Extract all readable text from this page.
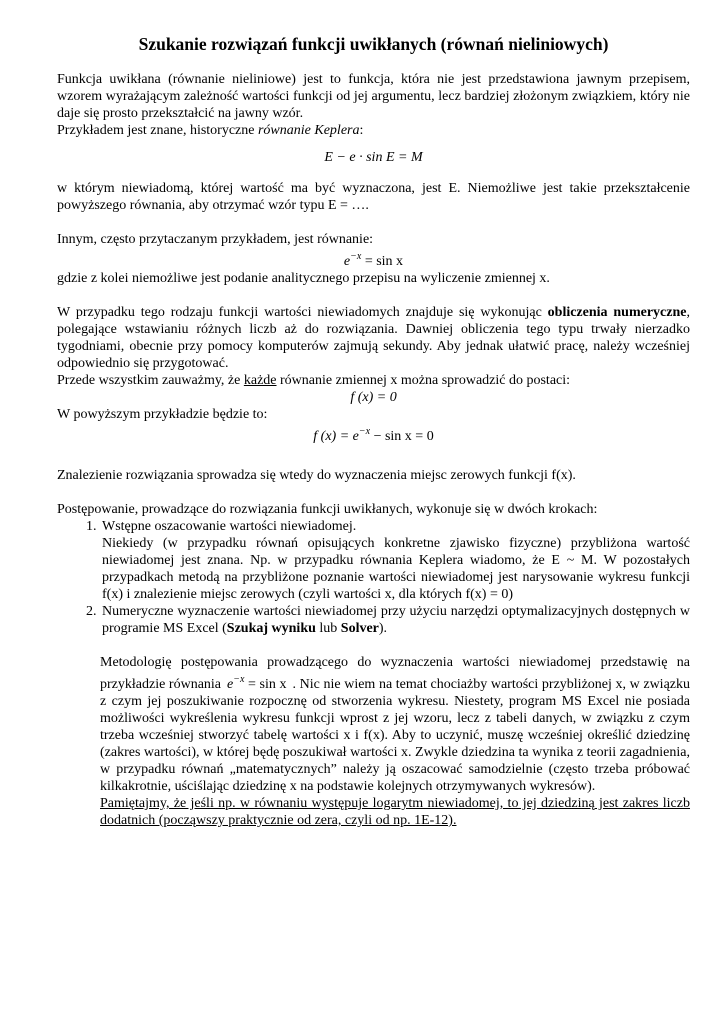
Szukanie rozwiązań funkcji uwikłanych (równań nieliniowych)

Funkcja uwikłana (równanie nieliniowe) jest to funkcja, która nie jest przedstawiona jawnym przepisem, wzorem wyrażającym zależność wartości funkcji od jej argumentu, lecz bardziej złożonym związkiem, który nie daje się prosto przekształcić na jawny wzór.

Przykładem jest znane, historyczne równanie Keplera:

E − e · sin E = M

w którym niewiadomą, której wartość ma być wyznaczona, jest E. Niemożliwe jest takie przekształcenie powyższego równania, aby otrzymać wzór typu E = ….

Innym, często przytaczanym przykładem, jest równanie:

$e^{-x} = \sin x$

gdzie z kolei niemożliwe jest podanie analitycznego przepisu na wyliczenie zmiennej x.

W przypadku tego rodzaju funkcji wartości niewiadomych znajduje się wykonując obliczenia numeryczne, polegające wstawianiu różnych liczb aż do rozwiązania. Dawniej obliczenia tego typu trwały nierzadko tygodniami, obecnie przy pomocy komputerów zajmują sekundy. Aby jednak ułatwić pracę, należy wcześniej odpowiednio się przygotować.

Przede wszystkim zauważmy, że każde równanie zmiennej x można sprowadzić do postaci:

f (x) = 0

W powyższym przykładzie będzie to:

f $(x) = e^{-x} - \sin x = 0$

Znalezienie rozwiązania sprowadza się wtedy do wyznaczenia miejsc zerowych funkcji f(x).

Postępowanie, prowadzące do rozwiązania funkcji uwikłanych, wykonuje się w dwóch krokach:

1. Wstępne oszacowanie wartości niewiadomej.
Niekiedy (w przypadku równań opisujących konkretne zjawisko fizyczne) przybliżona wartość niewiadomej jest znana. Np. w przypadku równania Keplera wiadomo, że E ~ M. W pozostałych przypadkach metodą na przybliżone poznanie wartości niewiadomej jest narysowanie wykresu funkcji f(x) i znalezienie miejsc zerowych (czyli wartości x, dla których f(x) = 0)
2. Numeryczne wyznaczenie wartości niewiadomej przy użyciu narzędzi optymalizacyjnych dostępnych w programie MS Excel (Szukaj wyniku lub Solver).
Metodologię postępowania prowadzącego do wyznaczenia wartości niewiadomej przedstawię na przykładzie równania $e^{-x} = \sin x$ . Nic nie wiem na temat chociażby wartości przybliżonej x, w związku z czym jej poszukiwanie rozpocznę od stworzenia wykresu. Niestety, program MS Excel nie posiada możliwości wykreślenia wykresu funkcji wprost z jej wzoru, lecz z tabeli danych, w związku z czym trzeba wcześniej stworzyć tabelę wartości x i f(x). Aby to uczynić, muszę wcześniej określić dziedzinę (zakres wartości), w której będę poszukiwał wartości x. Zwykle dziedzina ta wynika z teorii zagadnienia, w przypadku równań „matematycznych” należy ją oszacować samodzielnie (często trzeba próbować kilkakrotnie, uściślając dziedzinę x na podstawie kolejnych otrzymywanych wykresów).
Pamiętajmy, że jeśli np. w równaniu występuje logarytm niewiadomej, to jej dziedziną jest zakres liczb dodatnich (począwszy praktycznie od zera, czyli od np. 1E-12).
